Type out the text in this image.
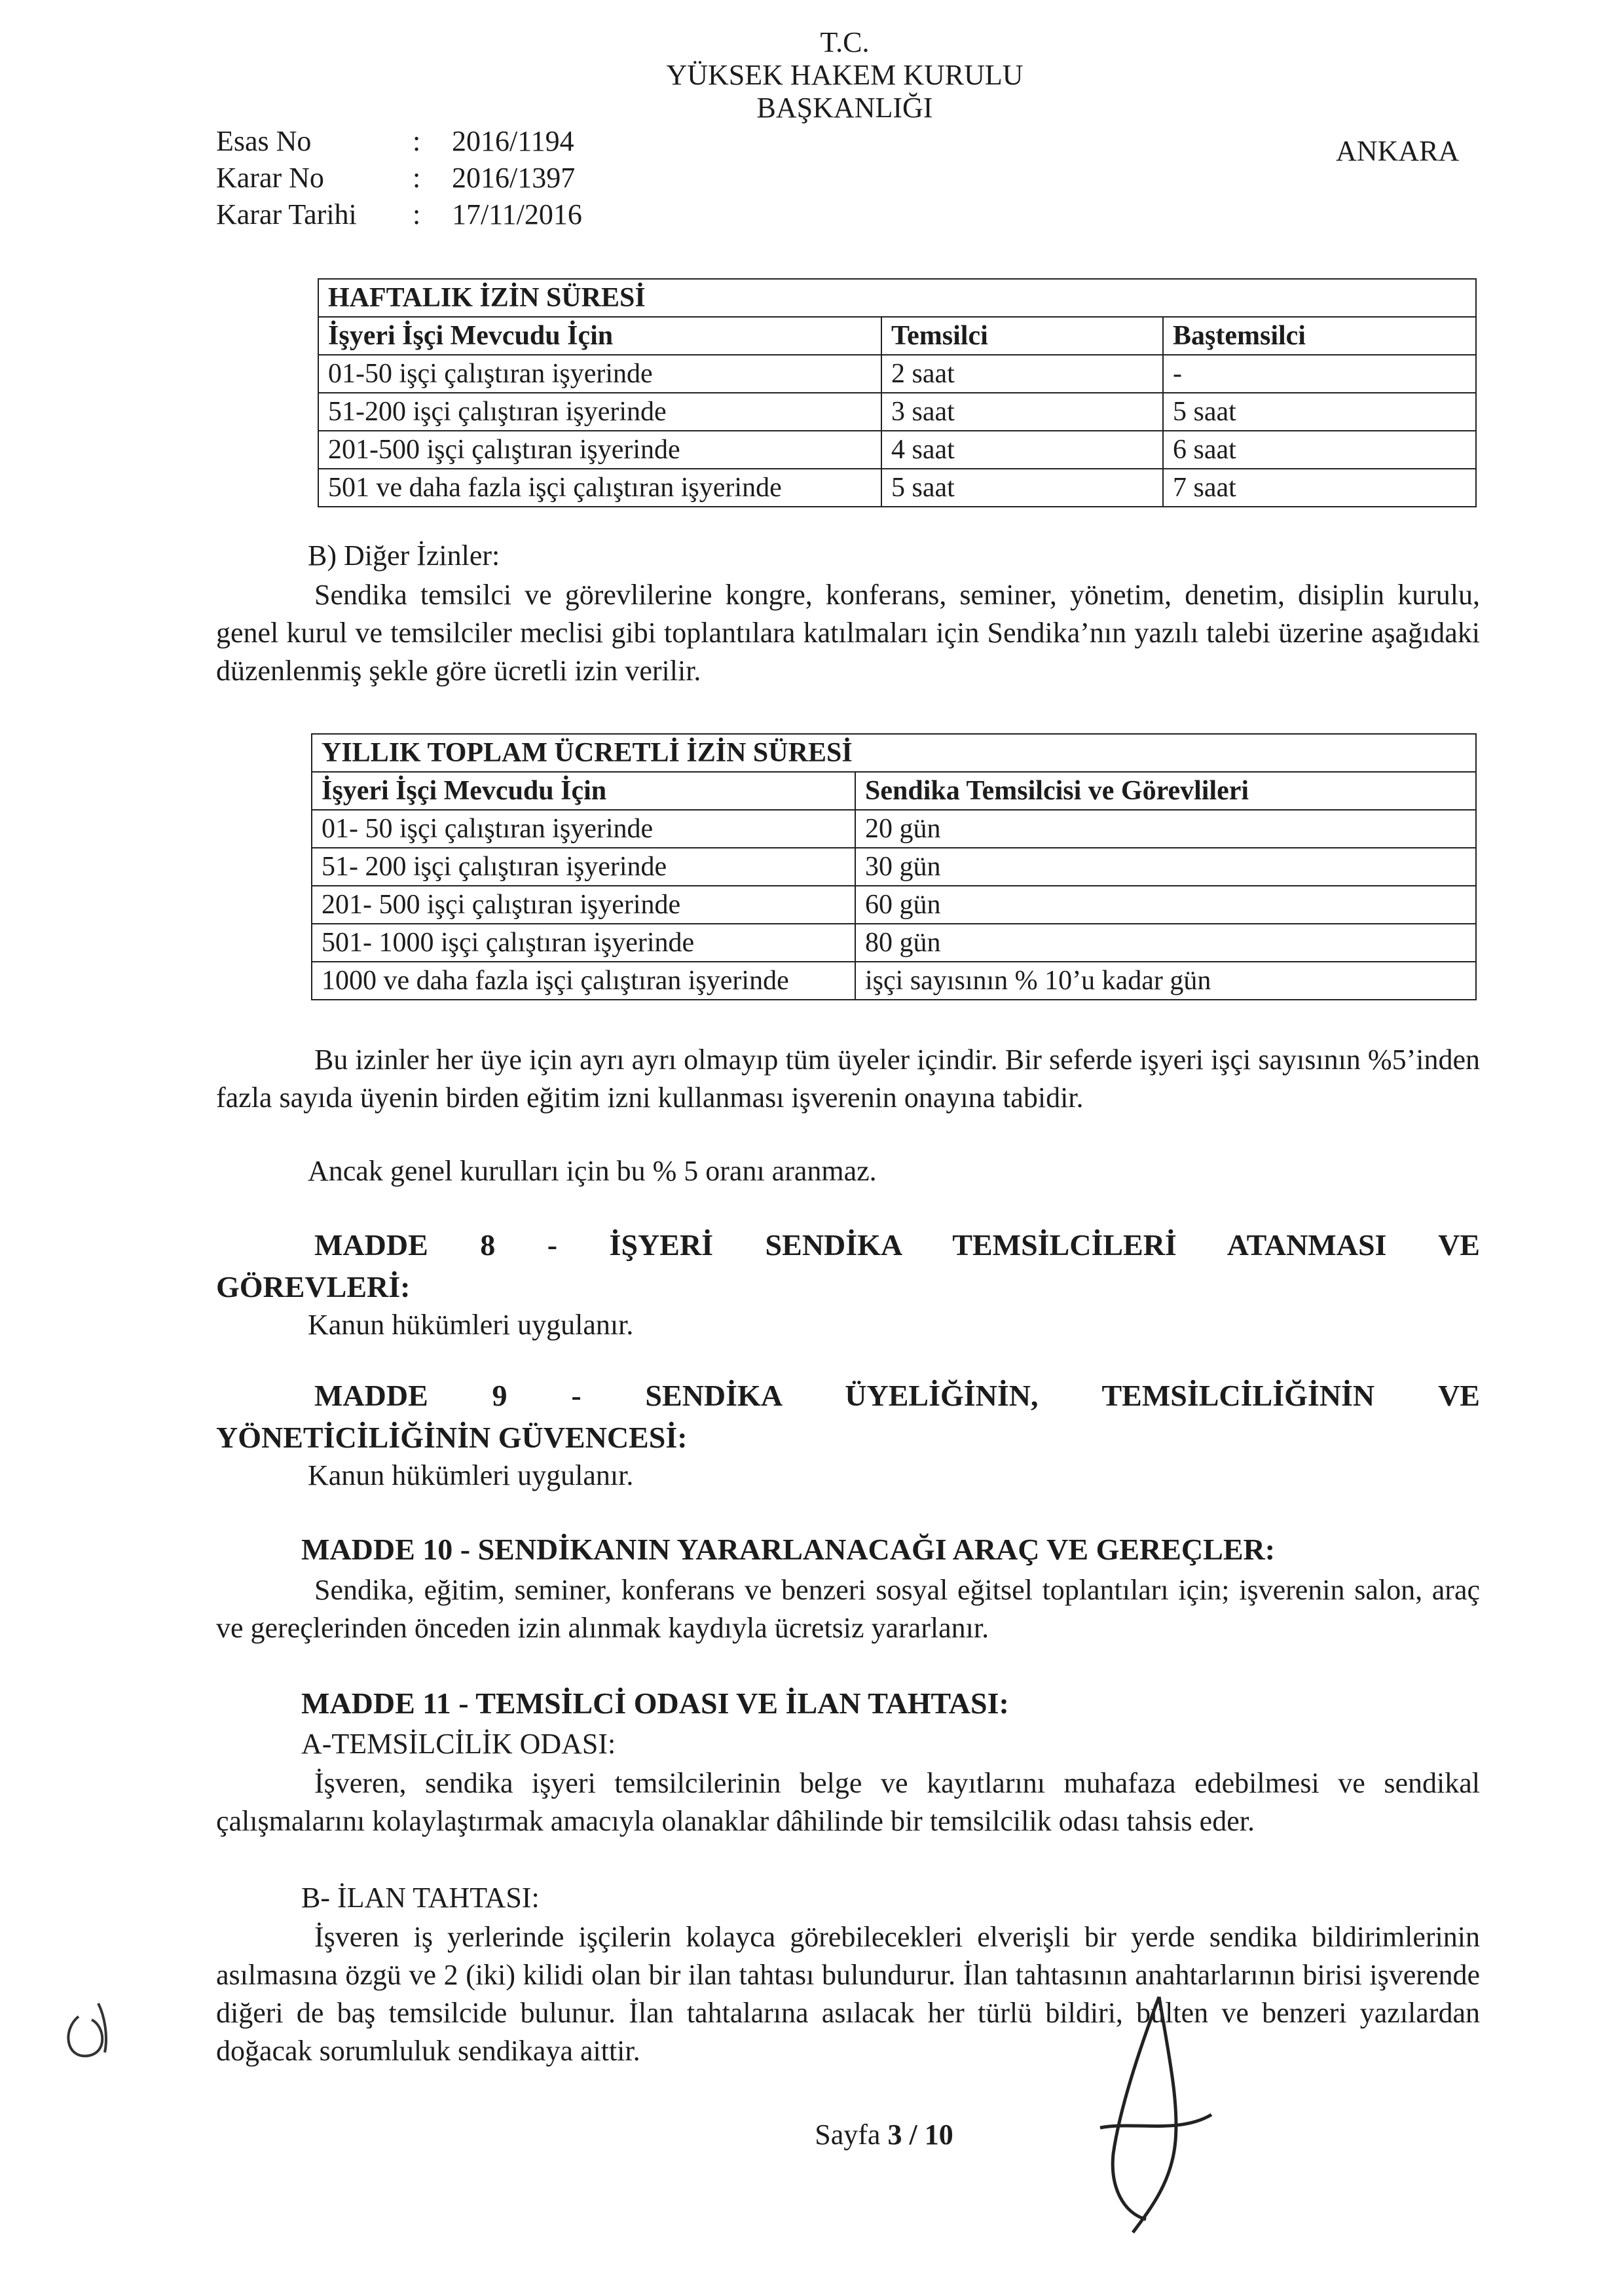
T.C.
YÜKSEK HAKEM KURULU
BAŞKANLIĞI
ANKARA
Esas No	: 2016/1194
Karar No	: 2016/1397
Karar Tarihi : 17/11/2016
HAFTALIK İZİN SÜRESİ		
İşyeri İşçi Mevcudu İçin	Temsilci	Baştemsilci
01-50 işçi çalıştıran işyerinde	2 saat	-
51-200 işçi çalıştıran işyerinde	3 saat	5 saat
201-500 işçi çalıştıran işyerinde	4 saat	6 saat
501 ve daha fazla işçi çalıştıran işyerinde	5 saat	7 saat
B) Diğer İzinler:
Sendika temsilci ve görevlilerine kongre, konferans, seminer, yönetim, denetim, disiplin kurulu, genel kurul ve temsilciler meclisi gibi toplantılara katılmaları için Sendika’nın yazılı talebi üzerine aşağıdaki düzenlenmiş şekle göre ücretli izin verilir.
YILLIK TOPLAM ÜCRETLİ İZİN SÜRESİ	
İşyeri İşçi Mevcudu İçin	Sendika Temsilcisi ve Görevlileri
01- 50 işçi çalıştıran işyerinde	20 gün
51- 200 işçi çalıştıran işyerinde	30 gün
201- 500 işçi çalıştıran işyerinde	60 gün
501- 1000 işçi çalıştıran işyerinde	80 gün
1000 ve daha fazla işçi çalıştıran işyerinde	işçi sayısının % 10’u kadar gün
Bu izinler her üye için ayrı ayrı olmayıp tüm üyeler içindir. Bir seferde işyeri işçi sayısının %5’inden fazla sayıda üyenin birden eğitim izni kullanması işverenin onayına tabidir.
Ancak genel kurulları için bu % 5 oranı aranmaz.
MADDE 8 - İŞYERİ SENDİKA TEMSİLCİLERİ ATANMASI VE
GÖREVLERİ:
Kanun hükümleri uygulanır.
MADDE 9 - SENDİKA ÜYELİĞİNİN, TEMSİLCİLİĞİNİN VE
YÖNETİCİLİĞİNİN GÜVENCESİ:
Kanun hükümleri uygulanır.
MADDE 10 - SENDİKANIN YARARLANACAĞI ARAÇ VE GEREÇLER:
Sendika, eğitim, seminer, konferans ve benzeri sosyal eğitsel toplantıları için; işverenin salon, araç ve gereçlerinden önceden izin alınmak kaydıyla ücretsiz yararlanır.
MADDE 11 - TEMSİLCİ ODASI VE İLAN TAHTASI:
A-TEMSİLCİLİK ODASI:
İşveren, sendika işyeri temsilcilerinin belge ve kayıtlarını muhafaza edebilmesi ve sendikal çalışmalarını kolaylaştırmak amacıyla olanaklar dâhilinde bir temsilcilik odası tahsis eder.
B- İLAN TAHTASI:
İşveren iş yerlerinde işçilerin kolayca görebilecekleri elverişli bir yerde sendika bildirimlerinin asılmasına özgü ve 2 (iki) kilidi olan bir ilan tahtası bulundurur. İlan tahtasının anahtarlarının birisi işverende diğeri de baş temsilcide bulunur. İlan tahtalarına asılacak her türlü bildiri, bülten ve benzeri yazılardan doğacak sorumluluk sendikaya aittir.
Sayfa 3 / 10
